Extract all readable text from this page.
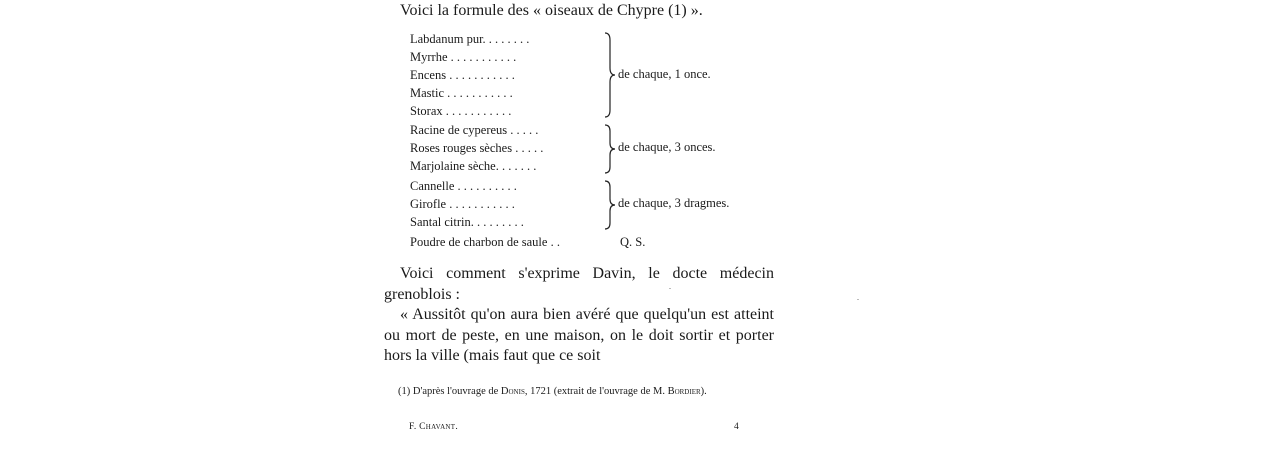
Voici la formule des « oiseaux de Chypre (1) ».
Labdanum pur. . . . . . . .
Myrrhe . . . . . . . . . . .
Encens . . . . . . . . . . .
Mastic . . . . . . . . . . .
Storax . . . . . . . . . . .
de chaque, 1 once.
Racine de cypereus . . . . .
Roses rouges sèches . . . . .
Marjolaine sèche. . . . . . .
de chaque, 3 onces.
Cannelle . . . . . . . . . .
Girofle . . . . . . . . . . .
Santal citrin. . . . . . . . .
de chaque, 3 dragmes.
Poudre de charbon de saule . .	Q. S.

Voici comment s'exprime Davin, le docte médecin grenoblois :

« Aussitôt qu'on aura bien avéré que quelqu'un est atteint ou mort de peste, en une maison, on le doit sortir et porter hors la ville (mais faut que ce soit

(1) D'après l'ouvrage de Donis, 1721 (extrait de l'ouvrage de M. Bordier).
F. Chavant.	4
